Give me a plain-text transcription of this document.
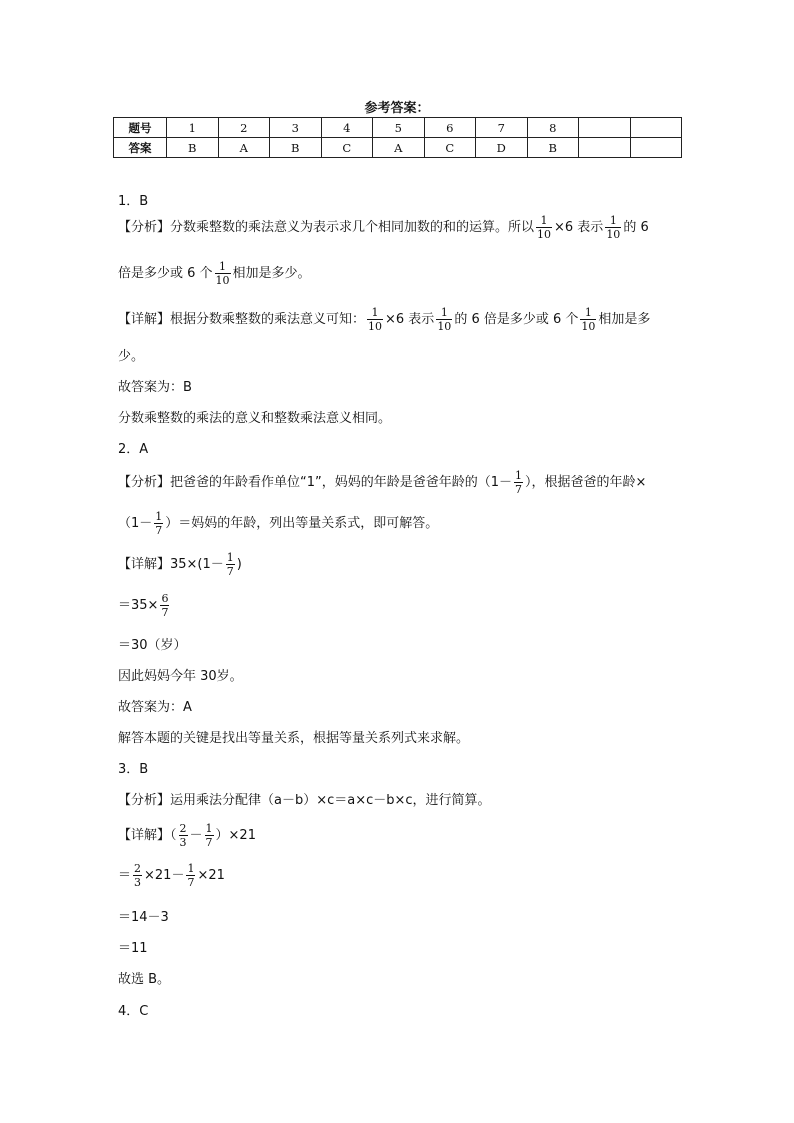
参考答案：
题号	1	2	3	4	5	6	7	8		
答案	B	A	B	C	A	C	D	B		
1．B
【分析】分数乘整数的乘法意义为表示求几个相同加数的和的运算。所以 $\frac{1}{10} \times 6$ 表示 $\frac{1}{10}$ 的 6
倍是多少或 6 个 $\frac{1}{10}$ 相加是多少。
【详解】根据分数乘整数的乘法意义可知： $\frac{1}{10} \times 6$ 表示 $\frac{1}{10}$ 的 6 倍是多少或 6 个 $\frac{1}{10}$ 相加是多
少。
故答案为：B
分数乘整数的乘法的意义和整数乘法意义相同。
2．A
【分析】把爸爸的年龄看作单位“1”，妈妈的年龄是爸爸年龄的（$1- \frac{1}{7}$ ），根据爸爸的年龄×
（$1- \frac{1}{7}$ ）＝妈妈的年龄，列出等量关系式，即可解答。
【详解】$35\times(1- \frac{1}{7}$ )
$=35\times \frac{6}{7}$
＝30（岁）
因此妈妈今年 30岁。
故答案为：A
解答本题的关键是找出等量关系，根据等量关系列式来求解。
3．B
【分析】运用乘法分配律（a－b）×c＝a×c－b×c，进行简算。
【详解】（ $\frac{2}{3} - \frac{1}{7} )\times 21$
＝ $\frac{2}{3} \times 21- \frac{1}{7} \times 21$
＝14－3
＝11
故选 B。
4．C
